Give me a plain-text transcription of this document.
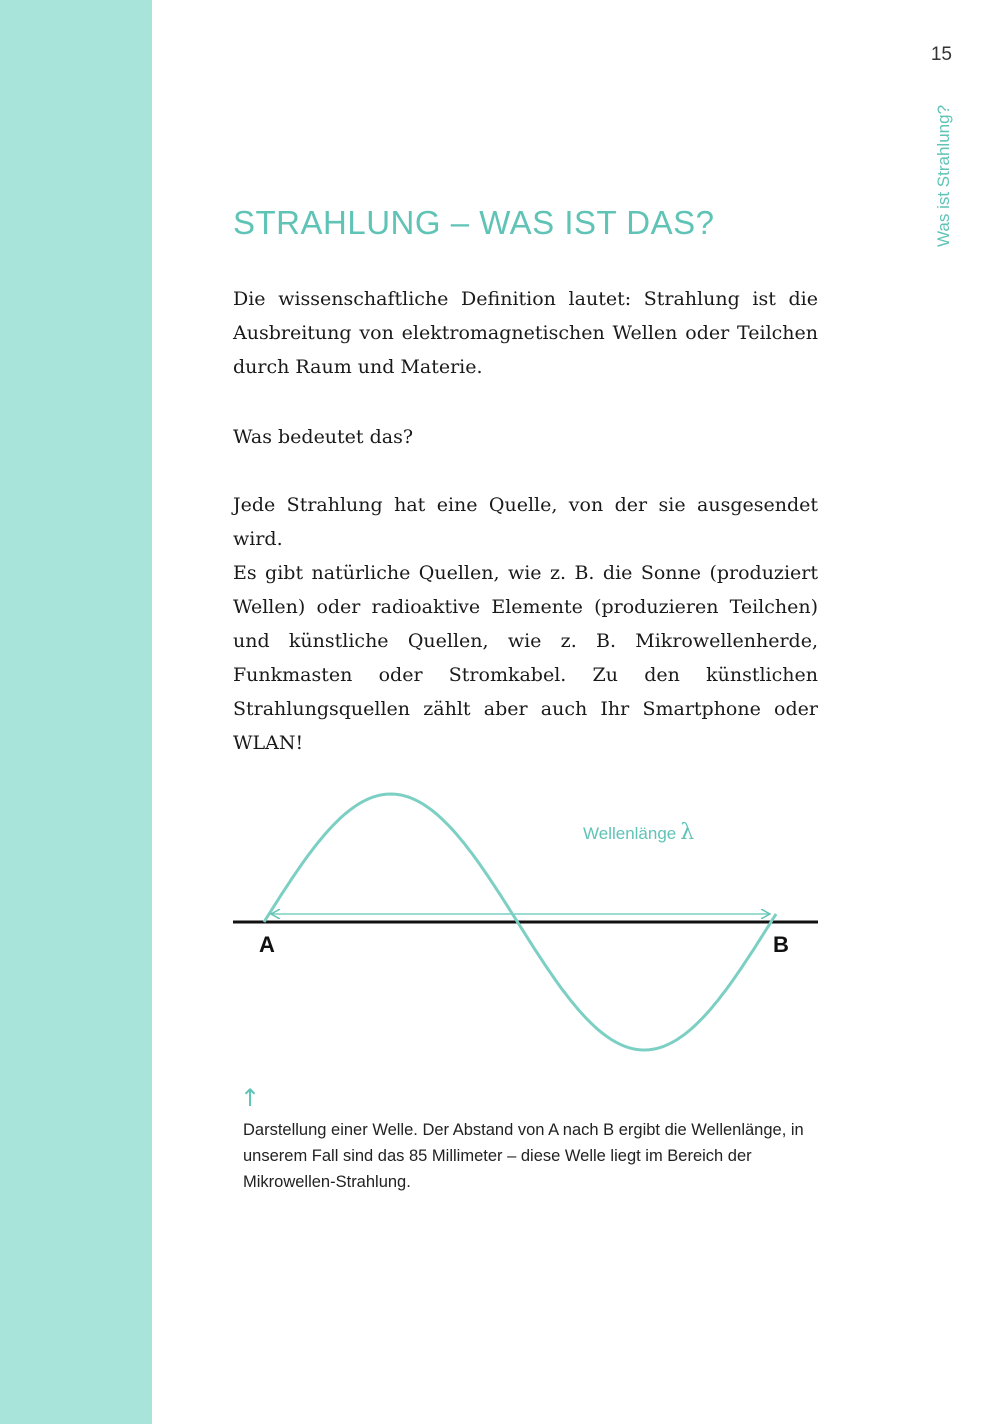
15
Was ist Strahlung?
STRAHLUNG – WAS IST DAS?

Die wissenschaftliche Definition lautet: Strahlung ist die Ausbreitung von elektromagnetischen Wellen oder Teilchen durch Raum und Materie.

Was bedeutet das?

Jede Strahlung hat eine Quelle, von der sie ausgesendet wird.

Es gibt natürliche Quellen, wie z. B. die Sonne (produziert Wellen) oder radioaktive Elemente (produzieren Teilchen) und künstliche Quellen, wie z. B. Mikrowellenherde, Funkmasten oder Stromkabel. Zu den künstlichen Strahlungsquellen zählt aber auch Ihr Smartphone oder WLAN!

Wellenlänge λ
A	B
↑

Darstellung einer Welle. Der Abstand von A nach B ergibt die Wellenlänge, in unserem Fall sind das 85 Millimeter – diese Welle liegt im Bereich der Mikrowellen-Strahlung.
